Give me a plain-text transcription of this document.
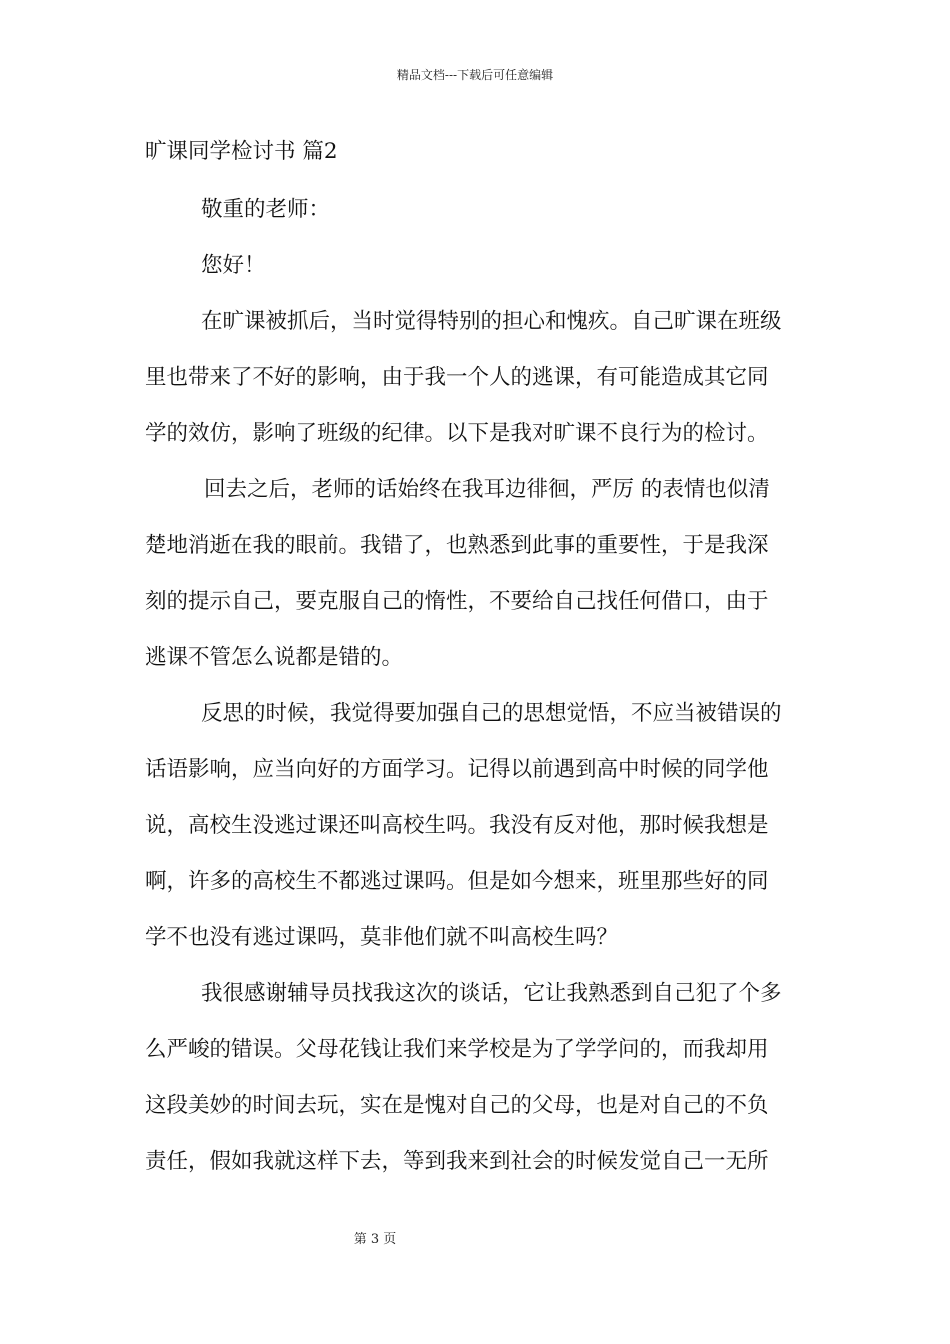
精品文档---下载后可任意编辑
旷课同学检讨书 篇2
敬重的老师：
您好！
在旷课被抓后，当时觉得特别的担心和愧疚。自己旷课在班级
里也带来了不好的影响，由于我一个人的逃课，有可能造成其它同
学的效仿，影响了班级的纪律。以下是我对旷课不良行为的检讨。
回去之后，老师的话始终在我耳边徘徊，严厉 的表情也似清
楚地消逝在我的眼前。我错了，也熟悉到此事的重要性，于是我深
刻的提示自己，要克服自己的惰性，不要给自己找任何借口，由于
逃课不管怎么说都是错的。
反思的时候，我觉得要加强自己的思想觉悟，不应当被错误的
话语影响，应当向好的方面学习。记得以前遇到高中时候的同学他
说，高校生没逃过课还叫高校生吗。我没有反对他，那时候我想是
啊，许多的高校生不都逃过课吗。但是如今想来，班里那些好的同
学不也没有逃过课吗，莫非他们就不叫高校生吗？
我很感谢辅导员找我这次的谈话，它让我熟悉到自己犯了个多
么严峻的错误。父母花钱让我们来学校是为了学学问的，而我却用
这段美妙的时间去玩，实在是愧对自己的父母，也是对自己的不负
责任，假如我就这样下去，等到我来到社会的时候发觉自己一无所
第 3 页
